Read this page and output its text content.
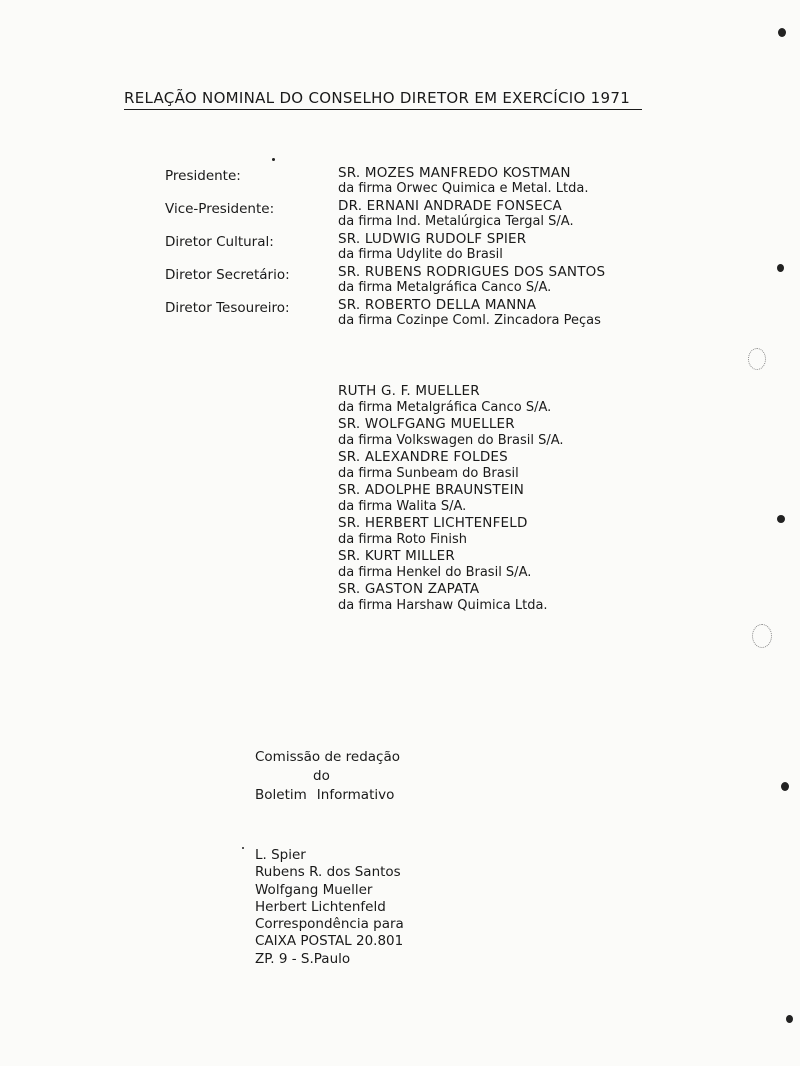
RELAÇÃO NOMINAL DO CONSELHO DIRETOR EM EXERCÍCIO 1971
Presidente:	SR. MOZES MANFREDO KOSTMAN
da firma Orwec Quimica e Metal. Ltda.
Vice-Presidente:	DR. ERNANI ANDRADE FONSECA
da firma Ind. Metalúrgica Tergal S/A.
Diretor Cultural:	SR. LUDWIG RUDOLF SPIER
da firma Udylite do Brasil
Diretor Secretário:	SR. RUBENS RODRIGUES DOS SANTOS
da firma Metalgráfica Canco S/A.
Diretor Tesoureiro:	SR. ROBERTO DELLA MANNA
da firma Cozinpe Coml. Zincadora Peças
RUTH G. F. MUELLER
da firma Metalgráfica Canco S/A.
SR. WOLFGANG MUELLER
da firma Volkswagen do Brasil S/A.
SR. ALEXANDRE FOLDES
da firma Sunbeam do Brasil
SR. ADOLPHE BRAUNSTEIN
da firma Walita S/A.
SR. HERBERT LICHTENFELD
da firma Roto Finish
SR. KURT MILLER
da firma Henkel do Brasil S/A.
SR. GASTON ZAPATA
da firma Harshaw Quimica Ltda.
Comissão de redação
do
Boletim Informativo
L. Spier
Rubens R. dos Santos
Wolfgang Mueller
Herbert Lichtenfeld
Correspondência para
CAIXA POSTAL 20.801
ZP. 9 - S.Paulo
